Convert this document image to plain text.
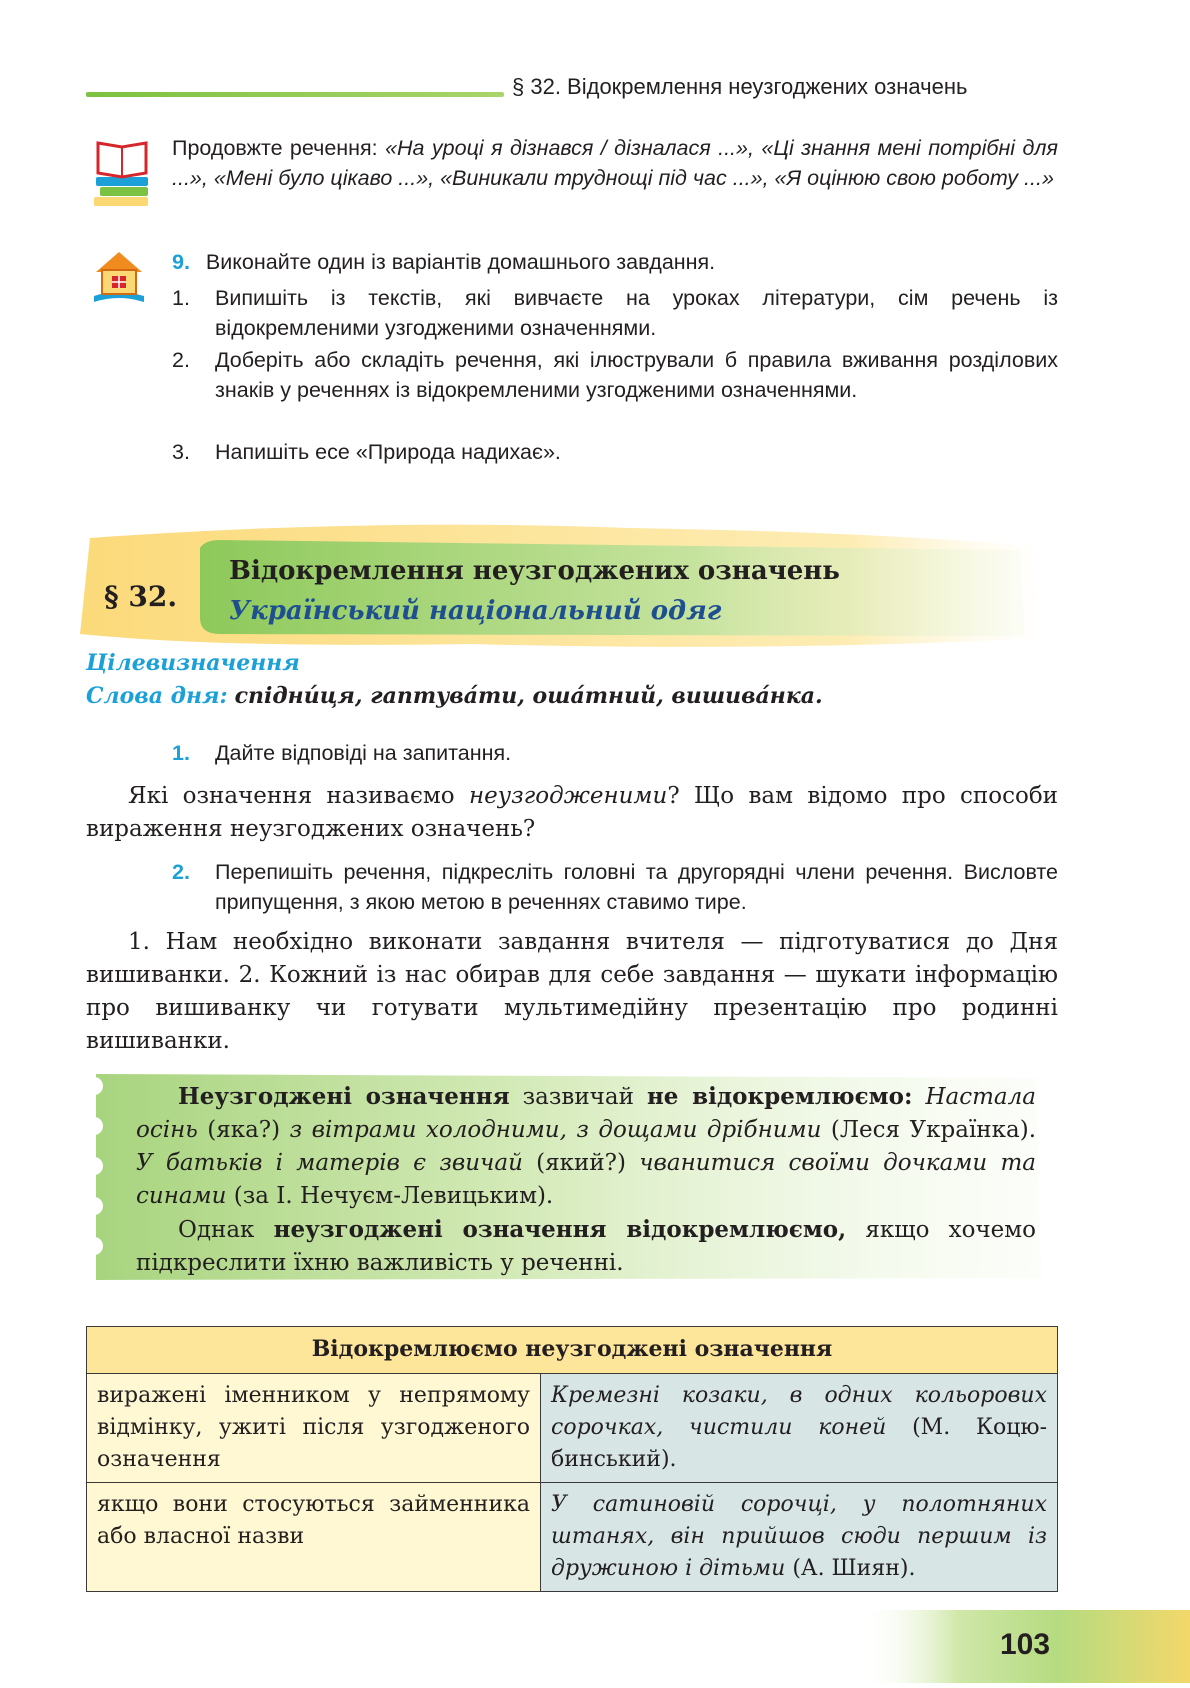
§ 32. Відокремлення неузгоджених означень
Продовжте речення: «На уроці я дізнався / дізналася ...», «Ці знання мені потрібні для ...», «Мені було цікаво ...», «Виникали труднощі під час ...», «Я оцінюю свою роботу ...»
9. Виконайте один із варіантів домашнього завдання.
1. Випишіть із текстів, які вивчаєте на уроках літератури, сім речень із відокремленими узгодженими означеннями.
2. Доберіть або складіть речення, які ілюстрували б правила вживання розділових знаків у реченнях із відокремленими узгодженими означеннями.
3. Напишіть есе «Природа надихає».
§ 32.
Відокремлення неузгоджених означень
Український національний одяг
Цілевизначення
Слова дня: спідни́ця, гаптува́ти, оша́тний, вишива́нка.
1. Дайте відповіді на запитання.
Які означення називаємо неузгодженими? Що вам відомо про способи вираження неузгоджених означень?
2. Перепишіть речення, підкресліть головні та другорядні члени речення. Висловте припущення, з якою метою в реченнях ставимо тире.
1. Нам необхідно виконати завдання вчителя — підготуватися до Дня вишиванки. 2. Кожний із нас обирав для себе завдання — шукати інформацію про вишиванку чи готувати мультимедійну презентацію про родинні вишиванки.
Неузгоджені означення зазвичай не відокремлюємо: Настала осінь (яка?) з вітрами холодними, з дощами дрібними (Леся Українка). У батьків і матерів є звичай (який?) чванитися своїми дочками та синами (за І. Нечуєм-Левицьким).
Однак неузгоджені означення відокремлюємо, якщо хочемо підкреслити їхню важливість у реченні.
Відокремлюємо неузгоджені означення	
виражені іменником у непрямому відмінку, ужиті після узгодженого означення	Кремезні козаки, в одних кольорових сорочках, чистили коней (М. Коцюбинський).
якщо вони стосуються займенника або власної назви	У сатиновій сорочці, у полотняних штанях, він прийшов сюди першим із дружиною і дітьми (А. Шиян).
103
